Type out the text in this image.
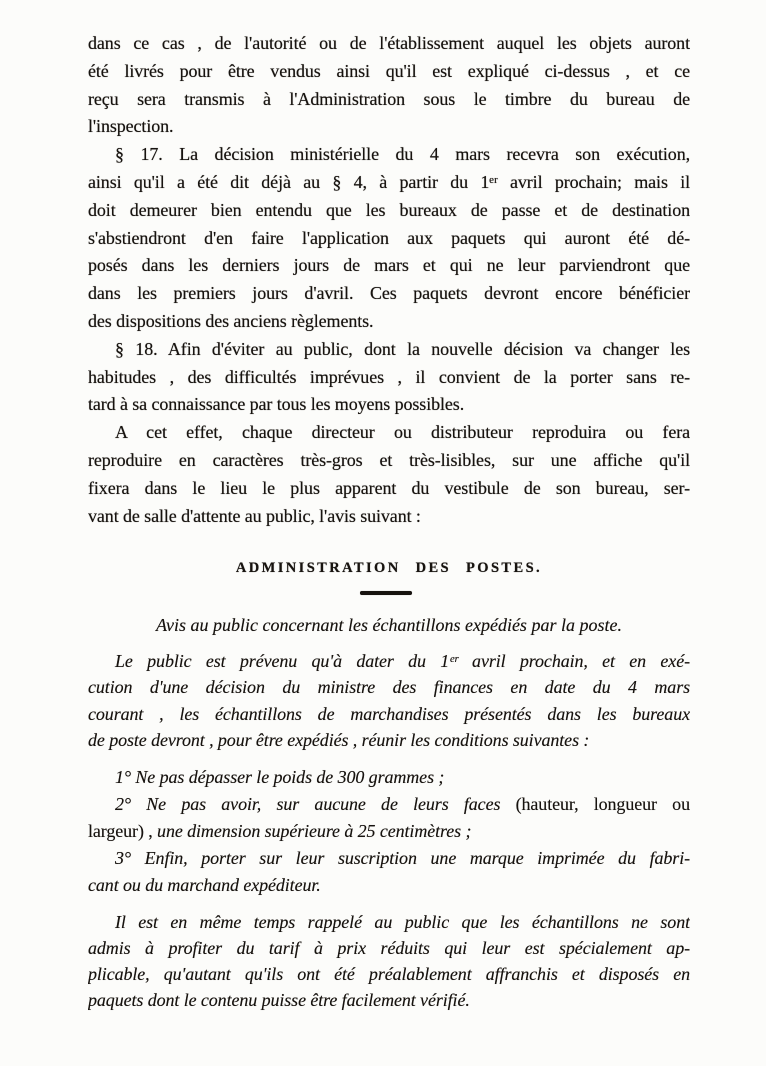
dans ce cas , de l'autorité ou de l'établissement auquel les objets auront
été livrés pour être vendus ainsi qu'il est expliqué ci-dessus , et ce
reçu sera transmis à l'Administration sous le timbre du bureau de
l'inspection.
§ 17. La décision ministérielle du 4 mars recevra son exécution,
ainsi qu'il a été dit déjà au § 4, à partir du 1ᵉʳ avril prochain; mais il
doit demeurer bien entendu que les bureaux de passe et de destination
s'abstiendront d'en faire l'application aux paquets qui auront été dé-
posés dans les derniers jours de mars et qui ne leur parviendront que
dans les premiers jours d'avril. Ces paquets devront encore bénéficier
des dispositions des anciens règlements.
§ 18. Afin d'éviter au public, dont la nouvelle décision va changer les
habitudes , des difficultés imprévues , il convient de la porter sans re-
tard à sa connaissance par tous les moyens possibles.
A cet effet, chaque directeur ou distributeur reproduira ou fera
reproduire en caractères très-gros et très-lisibles, sur une affiche qu'il
fixera dans le lieu le plus apparent du vestibule de son bureau, ser-
vant de salle d'attente au public, l'avis suivant :
ADMINISTRATION DES POSTES.
Avis au public concernant les échantillons expédiés par la poste.
Le public est prévenu qu'à dater du 1ᵉʳ avril prochain, et en exé-
cution d'une décision du ministre des finances en date du 4 mars
courant , les échantillons de marchandises présentés dans les bureaux
de poste devront , pour être expédiés , réunir les conditions suivantes :
1° Ne pas dépasser le poids de 300 grammes ;
2° Ne pas avoir, sur aucune de leurs faces (hauteur, longueur ou
largeur) , une dimension supérieure à 25 centimètres ;
3° Enfin, porter sur leur suscription une marque imprimée du fabri-
cant ou du marchand expéditeur.
Il est en même temps rappelé au public que les échantillons ne sont
admis à profiter du tarif à prix réduits qui leur est spécialement ap-
plicable, qu'autant qu'ils ont été préalablement affranchis et disposés en
paquets dont le contenu puisse être facilement vérifié.
